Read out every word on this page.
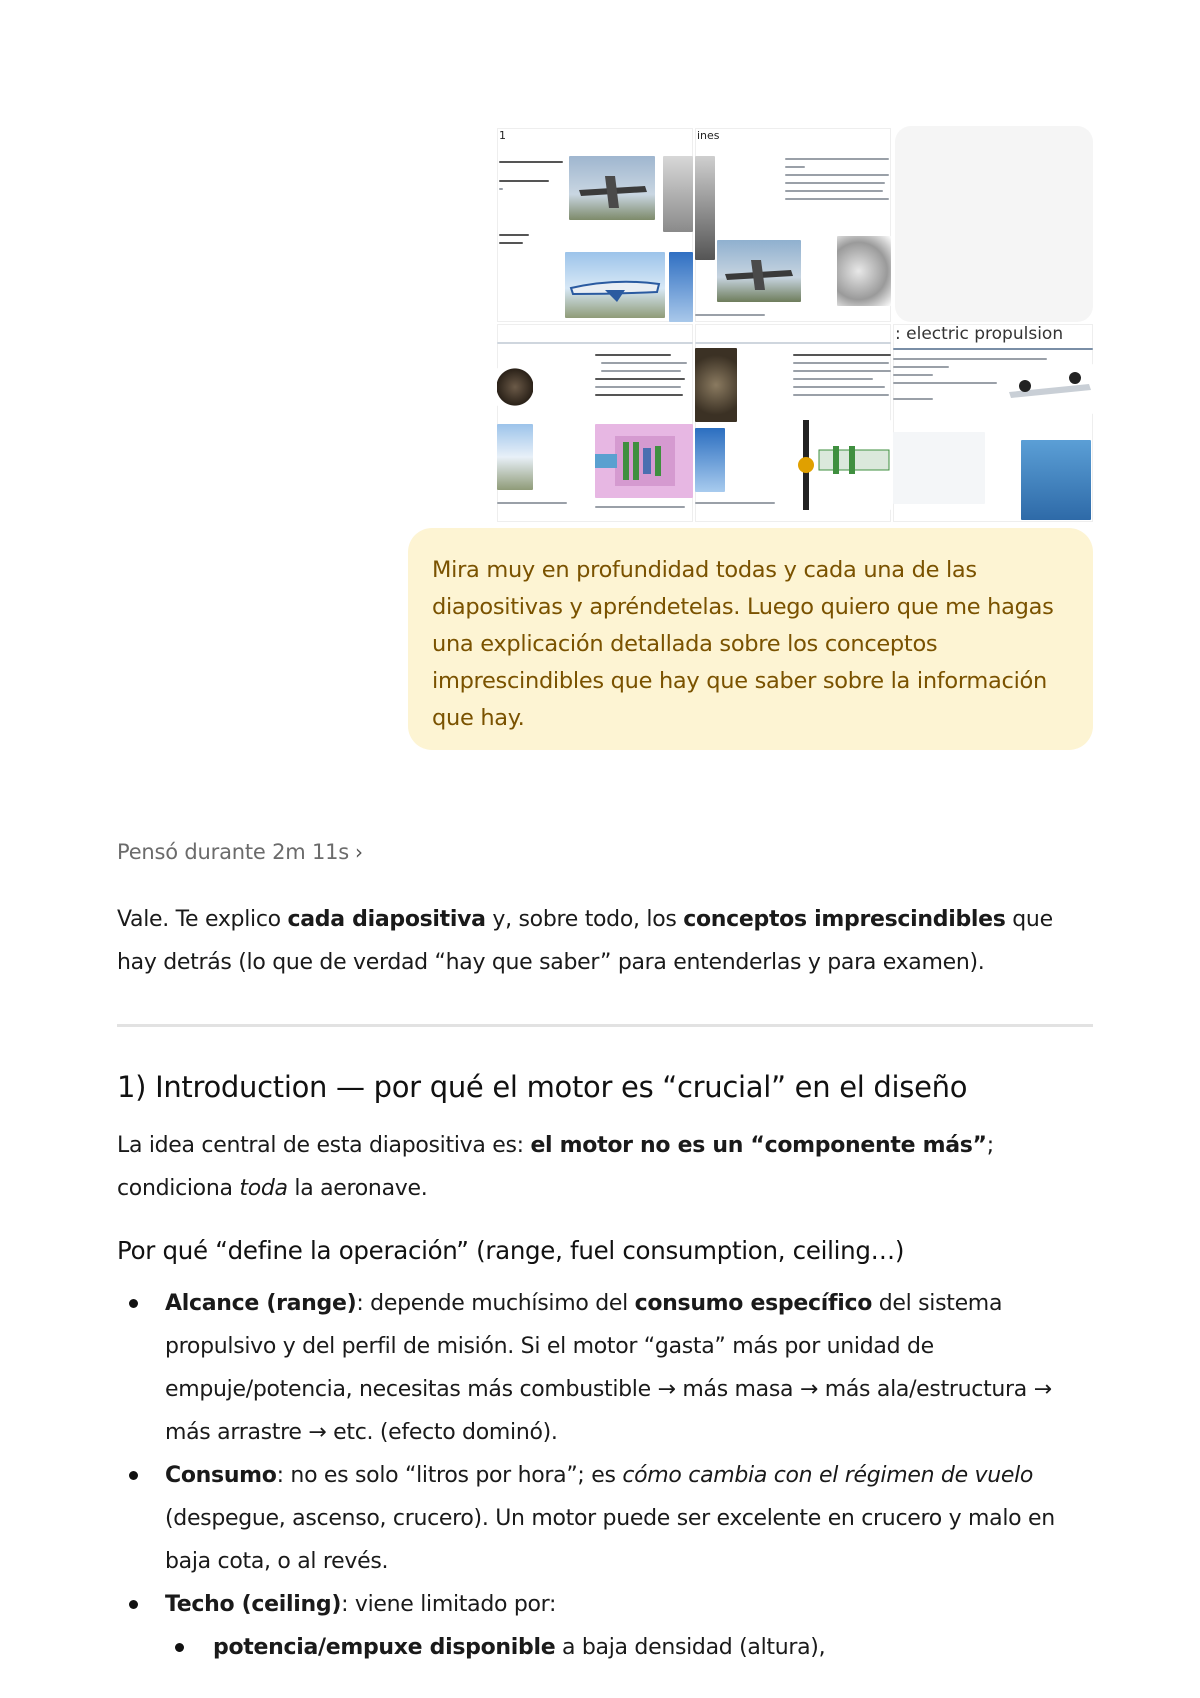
1	ines
: electric propulsion
Mira muy en profundidad todas y cada una de las diapositivas y apréndetelas. Luego quiero que me hagas una explicación detallada sobre los conceptos imprescindibles que hay que saber sobre la información que hay.
Pensó durante 2m 11s ›
Vale. Te explico cada diapositiva y, sobre todo, los conceptos imprescindibles que hay detrás (lo que de verdad “hay que saber” para entenderlas y para examen).
1) Introduction — por qué el motor es “crucial” en el diseño
La idea central de esta diapositiva es: el motor no es un “componente más”; condiciona toda la aeronave.
Por qué “define la operación” (range, fuel consumption, ceiling…)
Alcance (range): depende muchísimo del consumo específico del sistema propulsivo y del perfil de misión. Si el motor “gasta” más por unidad de empuje/potencia, necesitas más combustible → más masa → más ala/estructura → más arrastre → etc. (efecto dominó).
Consumo: no es solo “litros por hora”; es cómo cambia con el régimen de vuelo (despegue, ascenso, crucero). Un motor puede ser excelente en crucero y malo en baja cota, o al revés.
Techo (ceiling): viene limitado por:
potencia/empuxe disponible a baja densidad (altura),
